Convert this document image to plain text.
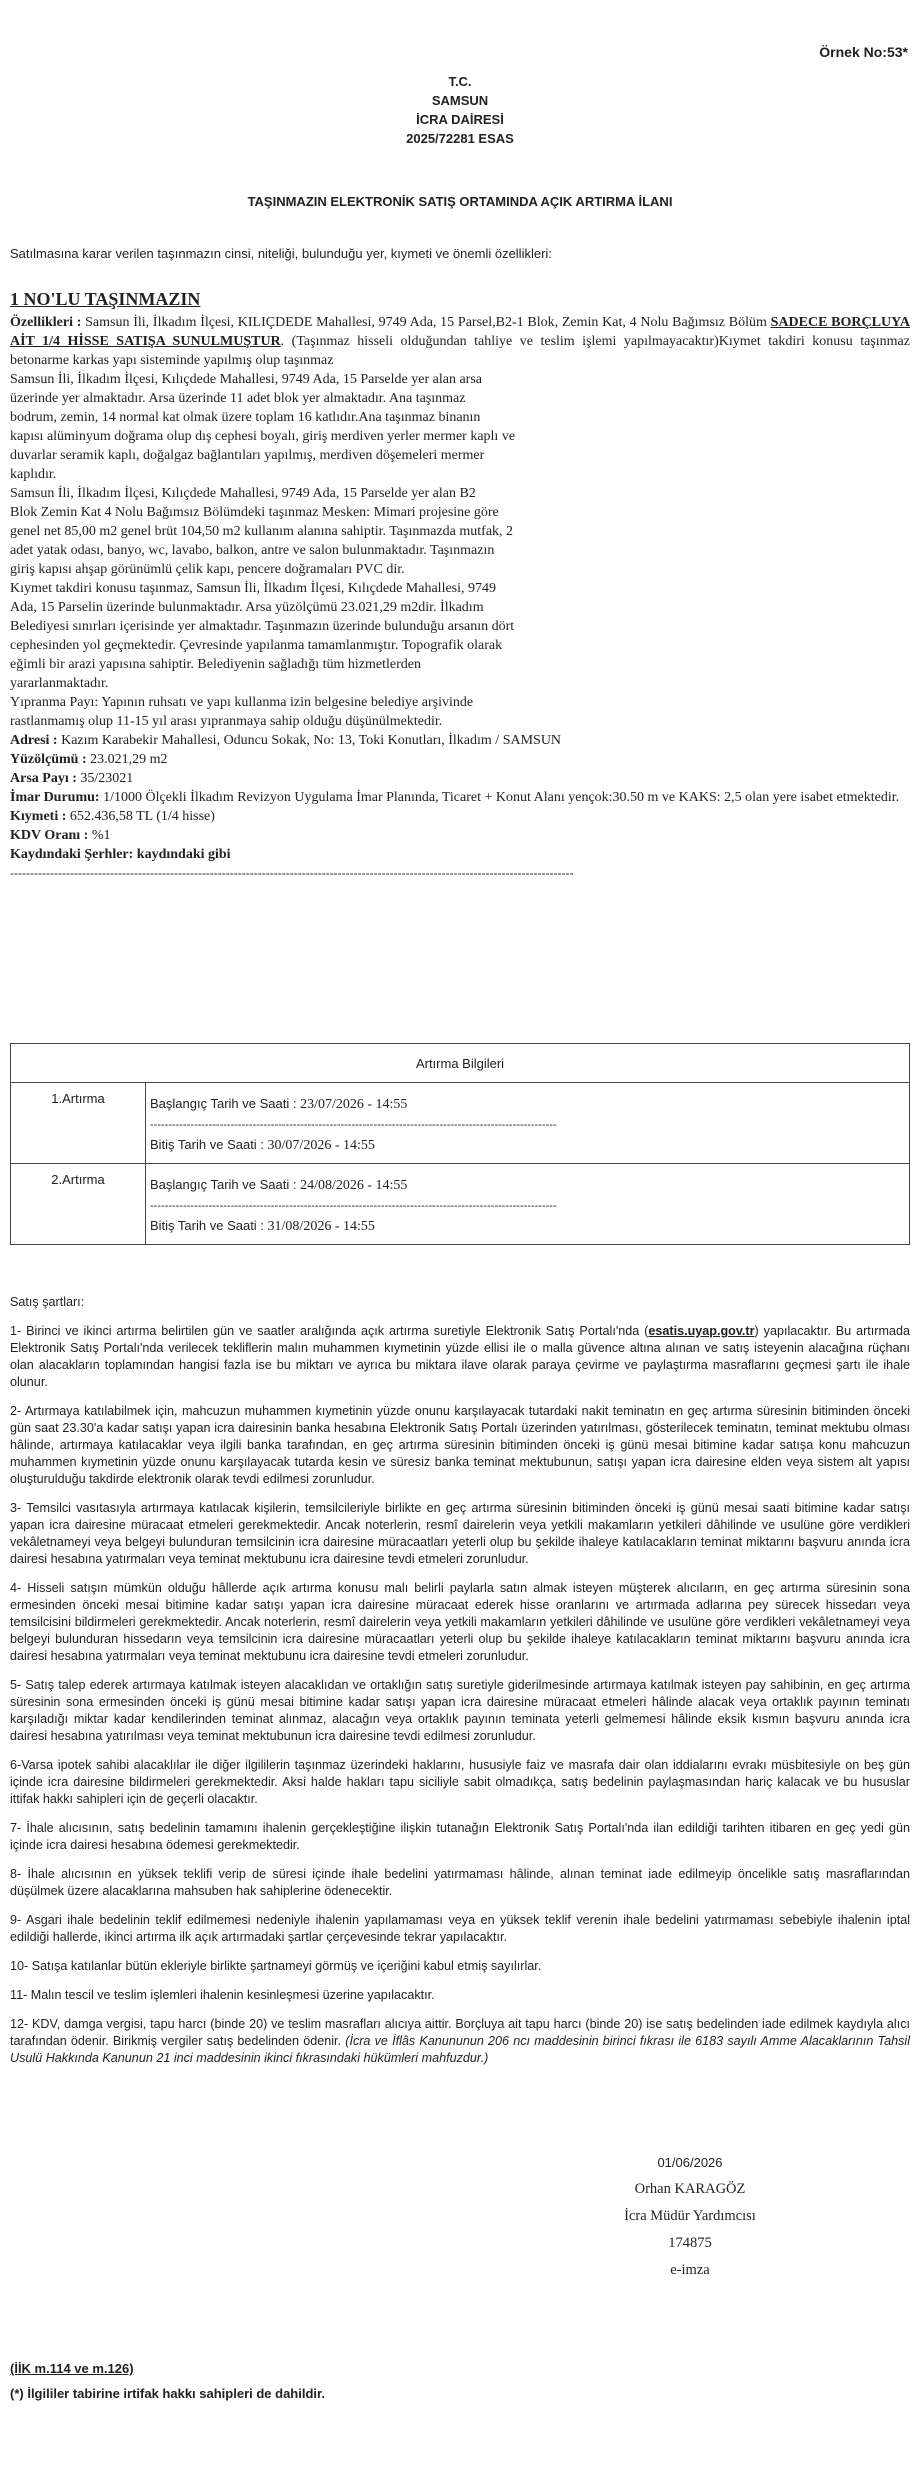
Örnek No:53*
T.C.
SAMSUN
İCRA DAİRESİ
2025/72281 ESAS
TAŞINMAZIN ELEKTRONİK SATIŞ ORTAMINDA AÇIK ARTIRMA İLANI
Satılmasına karar verilen taşınmazın cinsi, niteliği, bulunduğu yer, kıymeti ve önemli özellikleri:
1 NO'LU TAŞINMAZIN

Özellikleri : Samsun İli, İlkadım İlçesi, KILIÇDEDE Mahallesi, 9749 Ada, 15 Parsel,B2-1 Blok, Zemin Kat, 4 Nolu Bağımsız Bölüm SADECE BORÇLUYA AİT 1/4 HİSSE SATIŞA SUNULMUŞTUR. (Taşınmaz hisseli olduğundan tahliye ve teslim işlemi yapılmayacaktır)Kıymet takdiri konusu taşınmaz betonarme karkas yapı sisteminde yapılmış olup taşınmaz

Samsun İli, İlkadım İlçesi, Kılıçdede Mahallesi, 9749 Ada, 15 Parselde yer alan arsa
üzerinde yer almaktadır. Arsa üzerinde 11 adet blok yer almaktadır. Ana taşınmaz
bodrum, zemin, 14 normal kat olmak üzere toplam 16 katlıdır.Ana taşınmaz binanın
kapısı alüminyum doğrama olup dış cephesi boyalı, giriş merdiven yerler mermer kaplı ve
duvarlar seramik kaplı, doğalgaz bağlantıları yapılmış, merdiven döşemeleri mermer
kaplıdır.
Samsun İli, İlkadım İlçesi, Kılıçdede Mahallesi, 9749 Ada, 15 Parselde yer alan B2
Blok Zemin Kat 4 Nolu Bağımsız Bölümdeki taşınmaz Mesken: Mimari projesine göre
genel net 85,00 m2 genel brüt 104,50 m2 kullanım alanına sahiptir. Taşınmazda mutfak, 2
adet yatak odası, banyo, wc, lavabo, balkon, antre ve salon bulunmaktadır. Taşınmazın
giriş kapısı ahşap görünümlü çelik kapı, pencere doğramaları PVC dir.
Kıymet takdiri konusu taşınmaz, Samsun İli, İlkadım İlçesi, Kılıçdede Mahallesi, 9749
Ada, 15 Parselin üzerinde bulunmaktadır. Arsa yüzölçümü 23.021,29 m2dir. İlkadım
Belediyesi sınırları içerisinde yer almaktadır. Taşınmazın üzerinde bulunduğu arsanın dört
cephesinden yol geçmektedir. Çevresinde yapılanma tamamlanmıştır. Topografik olarak
eğimli bir arazi yapısına sahiptir. Belediyenin sağladığı tüm hizmetlerden
yararlanmaktadır.
Yıpranma Payı: Yapının ruhsatı ve yapı kullanma izin belgesine belediye arşivinde
rastlanmamış olup 11-15 yıl arası yıpranmaya sahip olduğu düşünülmektedir.

Adresi : Kazım Karabekir Mahallesi, Oduncu Sokak, No: 13, Toki Konutları, İlkadım / SAMSUN

Yüzölçümü : 23.021,29 m2

Arsa Payı : 35/23021

İmar Durumu: 1/1000 Ölçekli İlkadım Revizyon Uygulama İmar Planında, Ticaret + Konut Alanı yençok:30.50 m ve KAKS: 2,5 olan yere isabet etmektedir.

Kıymeti : 652.436,58 TL (1/4 hisse)

KDV Oranı : %1

Kaydındaki Şerhler: kaydındaki gibi

---------------------------------------------------------------------------------------------------------------------------------------------
Artırma Bilgileri	
1.Artırma	Başlangıç Tarih ve Saati : 23/07/2026 - 14:55
---------------------------------------------------------------------------------------------------------------
Bitiş Tarih ve Saati : 30/07/2026 - 14:55

2.Artırma	Başlangıç Tarih ve Saati : 24/08/2026 - 14:55
---------------------------------------------------------------------------------------------------------------
Bitiş Tarih ve Saati : 31/08/2026 - 14:55

Satış şartları:

1- Birinci ve ikinci artırma belirtilen gün ve saatler aralığında açık artırma suretiyle Elektronik Satış Portalı'nda (esatis.uyap.gov.tr) yapılacaktır. Bu artırmada Elektronik Satış Portalı'nda verilecek tekliflerin malın muhammen kıymetinin yüzde ellisi ile o malla güvence altına alınan ve satış isteyenin alacağına rüçhanı olan alacakların toplamından hangisi fazla ise bu miktarı ve ayrıca bu miktara ilave olarak paraya çevirme ve paylaştırma masraflarını geçmesi şartı ile ihale olunur.

2- Artırmaya katılabilmek için, mahcuzun muhammen kıymetinin yüzde onunu karşılayacak tutardaki nakit teminatın en geç artırma süresinin bitiminden önceki gün saat 23.30'a kadar satışı yapan icra dairesinin banka hesabına Elektronik Satış Portalı üzerinden yatırılması, gösterilecek teminatın, teminat mektubu olması hâlinde, artırmaya katılacaklar veya ilgili banka tarafından, en geç artırma süresinin bitiminden önceki iş günü mesai bitimine kadar satışa konu mahcuzun muhammen kıymetinin yüzde onunu karşılayacak tutarda kesin ve süresiz banka teminat mektubunun, satışı yapan icra dairesine elden veya sistem alt yapısı oluşturulduğu takdirde elektronik olarak tevdi edilmesi zorunludur.

3- Temsilci vasıtasıyla artırmaya katılacak kişilerin, temsilcileriyle birlikte en geç artırma süresinin bitiminden önceki iş günü mesai saati bitimine kadar satışı yapan icra dairesine müracaat etmeleri gerekmektedir. Ancak noterlerin, resmî dairelerin veya yetkili makamların yetkileri dâhilinde ve usulüne göre verdikleri vekâletnameyi veya belgeyi bulunduran temsilcinin icra dairesine müracaatları yeterli olup bu şekilde ihaleye katılacakların teminat miktarını başvuru anında icra dairesi hesabına yatırmaları veya teminat mektubunu icra dairesine tevdi etmeleri zorunludur.

4- Hisseli satışın mümkün olduğu hâllerde açık artırma konusu malı belirli paylarla satın almak isteyen müşterek alıcıların, en geç artırma süresinin sona ermesinden önceki mesai bitimine kadar satışı yapan icra dairesine müracaat ederek hisse oranlarını ve artırmada adlarına pey sürecek hissedarı veya temsilcisini bildirmeleri gerekmektedir. Ancak noterlerin, resmî dairelerin veya yetkili makamların yetkileri dâhilinde ve usulüne göre verdikleri vekâletnameyi veya belgeyi bulunduran hissedarın veya temsilcinin icra dairesine müracaatları yeterli olup bu şekilde ihaleye katılacakların teminat miktarını başvuru anında icra dairesi hesabına yatırmaları veya teminat mektubunu icra dairesine tevdi etmeleri zorunludur.

5- Satış talep ederek artırmaya katılmak isteyen alacaklıdan ve ortaklığın satış suretiyle giderilmesinde artırmaya katılmak isteyen pay sahibinin, en geç artırma süresinin sona ermesinden önceki iş günü mesai bitimine kadar satışı yapan icra dairesine müracaat etmeleri hâlinde alacak veya ortaklık payının teminatı karşıladığı miktar kadar kendilerinden teminat alınmaz, alacağın veya ortaklık payının teminata yeterli gelmemesi hâlinde eksik kısmın başvuru anında icra dairesi hesabına yatırılması veya teminat mektubunun icra dairesine tevdi edilmesi zorunludur.

6-Varsa ipotek sahibi alacaklılar ile diğer ilgililerin taşınmaz üzerindeki haklarını, hususiyle faiz ve masrafa dair olan iddialarını evrakı müsbitesiyle on beş gün içinde icra dairesine bildirmeleri gerekmektedir. Aksi halde hakları tapu siciliyle sabit olmadıkça, satış bedelinin paylaşmasından hariç kalacak ve bu hususlar ittifak hakkı sahipleri için de geçerli olacaktır.

7- İhale alıcısının, satış bedelinin tamamını ihalenin gerçekleştiğine ilişkin tutanağın Elektronik Satış Portalı'nda ilan edildiği tarihten itibaren en geç yedi gün içinde icra dairesi hesabına ödemesi gerekmektedir.

8- İhale alıcısının en yüksek teklifi verip de süresi içinde ihale bedelini yatırmaması hâlinde, alınan teminat iade edilmeyip öncelikle satış masraflarından düşülmek üzere alacaklarına mahsuben hak sahiplerine ödenecektir.

9- Asgari ihale bedelinin teklif edilmemesi nedeniyle ihalenin yapılamaması veya en yüksek teklif verenin ihale bedelini yatırmaması sebebiyle ihalenin iptal edildiği hallerde, ikinci artırma ilk açık artırmadaki şartlar çerçevesinde tekrar yapılacaktır.

10- Satışa katılanlar bütün ekleriyle birlikte şartnameyi görmüş ve içeriğini kabul etmiş sayılırlar.

11- Malın tescil ve teslim işlemleri ihalenin kesinleşmesi üzerine yapılacaktır.

12- KDV, damga vergisi, tapu harcı (binde 20) ve teslim masrafları alıcıya aittir. Borçluya ait tapu harcı (binde 20) ise satış bedelinden iade edilmek kaydıyla alıcı tarafından ödenir. Birikmiş vergiler satış bedelinden ödenir. (İcra ve İflâs Kanununun 206 ncı maddesinin birinci fıkrası ile 6183 sayılı Amme Alacaklarının Tahsil Usulü Hakkında Kanunun 21 inci maddesinin ikinci fıkrasındaki hükümleri mahfuzdur.)

01/06/2026
Orhan KARAGÖZ
İcra Müdür Yardımcısı
174875
e-imza
(İİK m.114 ve m.126)
(*) İlgililer tabirine irtifak hakkı sahipleri de dahildir.
